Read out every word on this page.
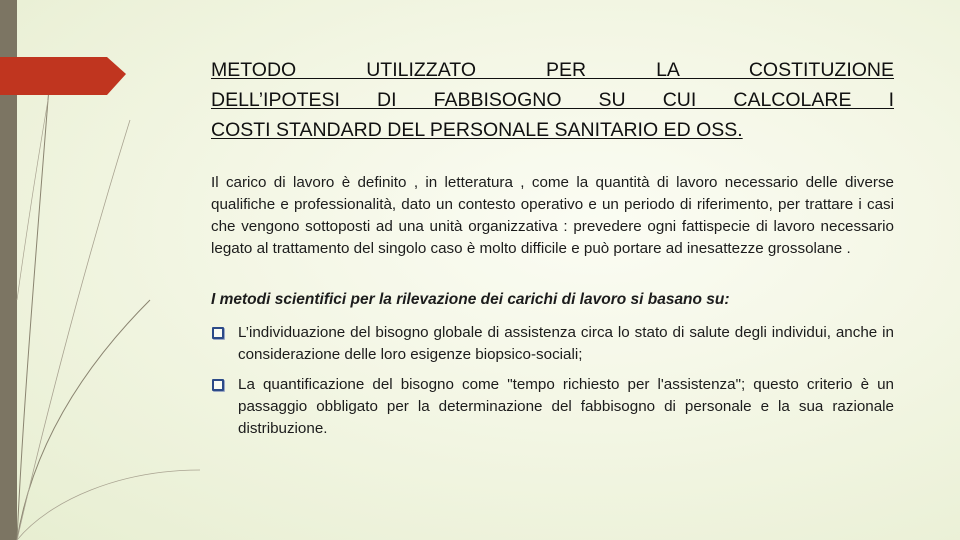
METODO UTILIZZATO PER LA COSTITUZIONE
DELL’IPOTESI DI FABBISOGNO SU CUI CALCOLARE I
COSTI STANDARD DEL PERSONALE SANITARIO ED OSS.

Il carico di lavoro è definito , in letteratura , come la quantità di lavoro necessario delle diverse qualifiche e professionalità, dato un contesto operativo e un periodo di riferimento, per trattare i casi che vengono sottoposti ad una unità organizzativa : prevedere ogni fattispecie di lavoro necessario legato al trattamento del singolo caso è molto difficile e può portare ad inesattezze grossolane .

I metodi scientifici per la rilevazione dei carichi di lavoro si basano su:

L’individuazione del bisogno globale di assistenza circa lo stato di salute degli individui, anche in considerazione delle loro esigenze biopsico-sociali;
La quantificazione del bisogno come "tempo richiesto per l'assistenza"; questo criterio è un passaggio obbligato per la determinazione del fabbisogno di personale e la sua razionale distribuzione.
